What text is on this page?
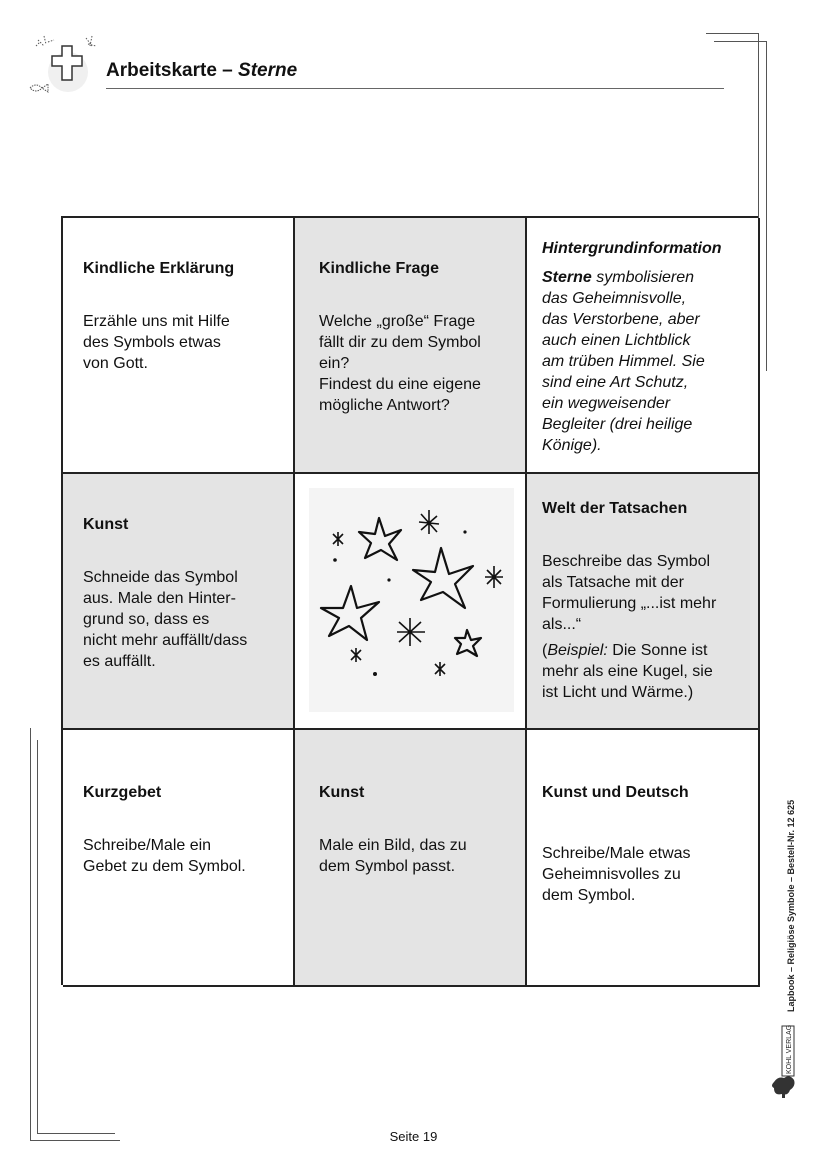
Arbeitskarte – Sterne
Kindliche Erklärung
Erzähle uns mit Hilfe
des Symbols etwas
von Gott.
Kindliche Frage
Welche „große“ Frage
fällt dir zu dem Symbol
ein?
Findest du eine eigene
mögliche Antwort?
Hintergrundinformation
Sterne symbolisieren
das Geheimnisvolle,
das Verstorbene, aber
auch einen Lichtblick
am trüben Himmel. Sie
sind eine Art Schutz,
ein wegweisender
Begleiter (drei heilige
Könige).
Kunst
Schneide das Symbol
aus. Male den Hinter-
grund so, dass es
nicht mehr auffällt/dass
es auffällt.
Welt der Tatsachen
Beschreibe das Symbol
als Tatsache mit der
Formulierung „...ist mehr
als...“
(Beispiel: Die Sonne ist
mehr als eine Kugel, sie
ist Licht und Wärme.)
Kurzgebet
Schreibe/Male ein
Gebet zu dem Symbol.
Kunst
Male ein Bild, das zu
dem Symbol passt.
Kunst und Deutsch
Schreibe/Male etwas
Geheimnisvolles zu
dem Symbol.	Lapbook – Religiöse Symbole – Bestell-Nr. 12 625
KOHL VERLAG
Seite 19
